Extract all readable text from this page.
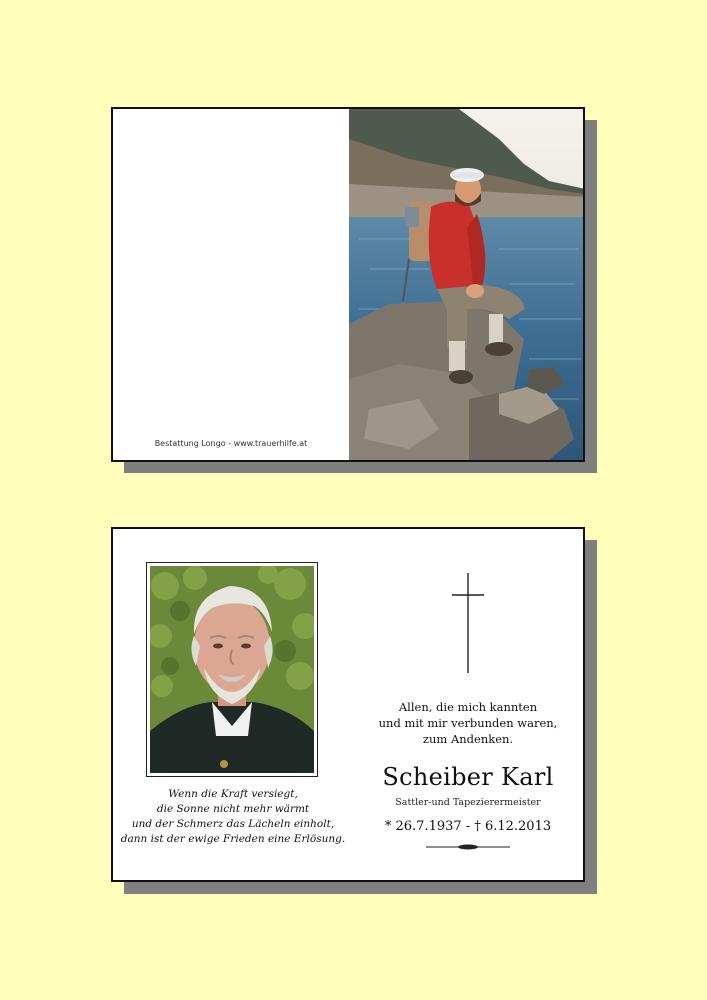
Bestattung Longo - www.trauerhilfe.at
Wenn die Kraft versiegt,
die Sonne nicht mehr wärmt
und der Schmerz das Lächeln einholt,
dann ist der ewige Frieden eine Erlösung.
Allen, die mich kannten
und mit mir verbunden waren,
zum Andenken.
Scheiber Karl
Sattler-und Tapezierermeister
* 26.7.1937 - † 6.12.2013
